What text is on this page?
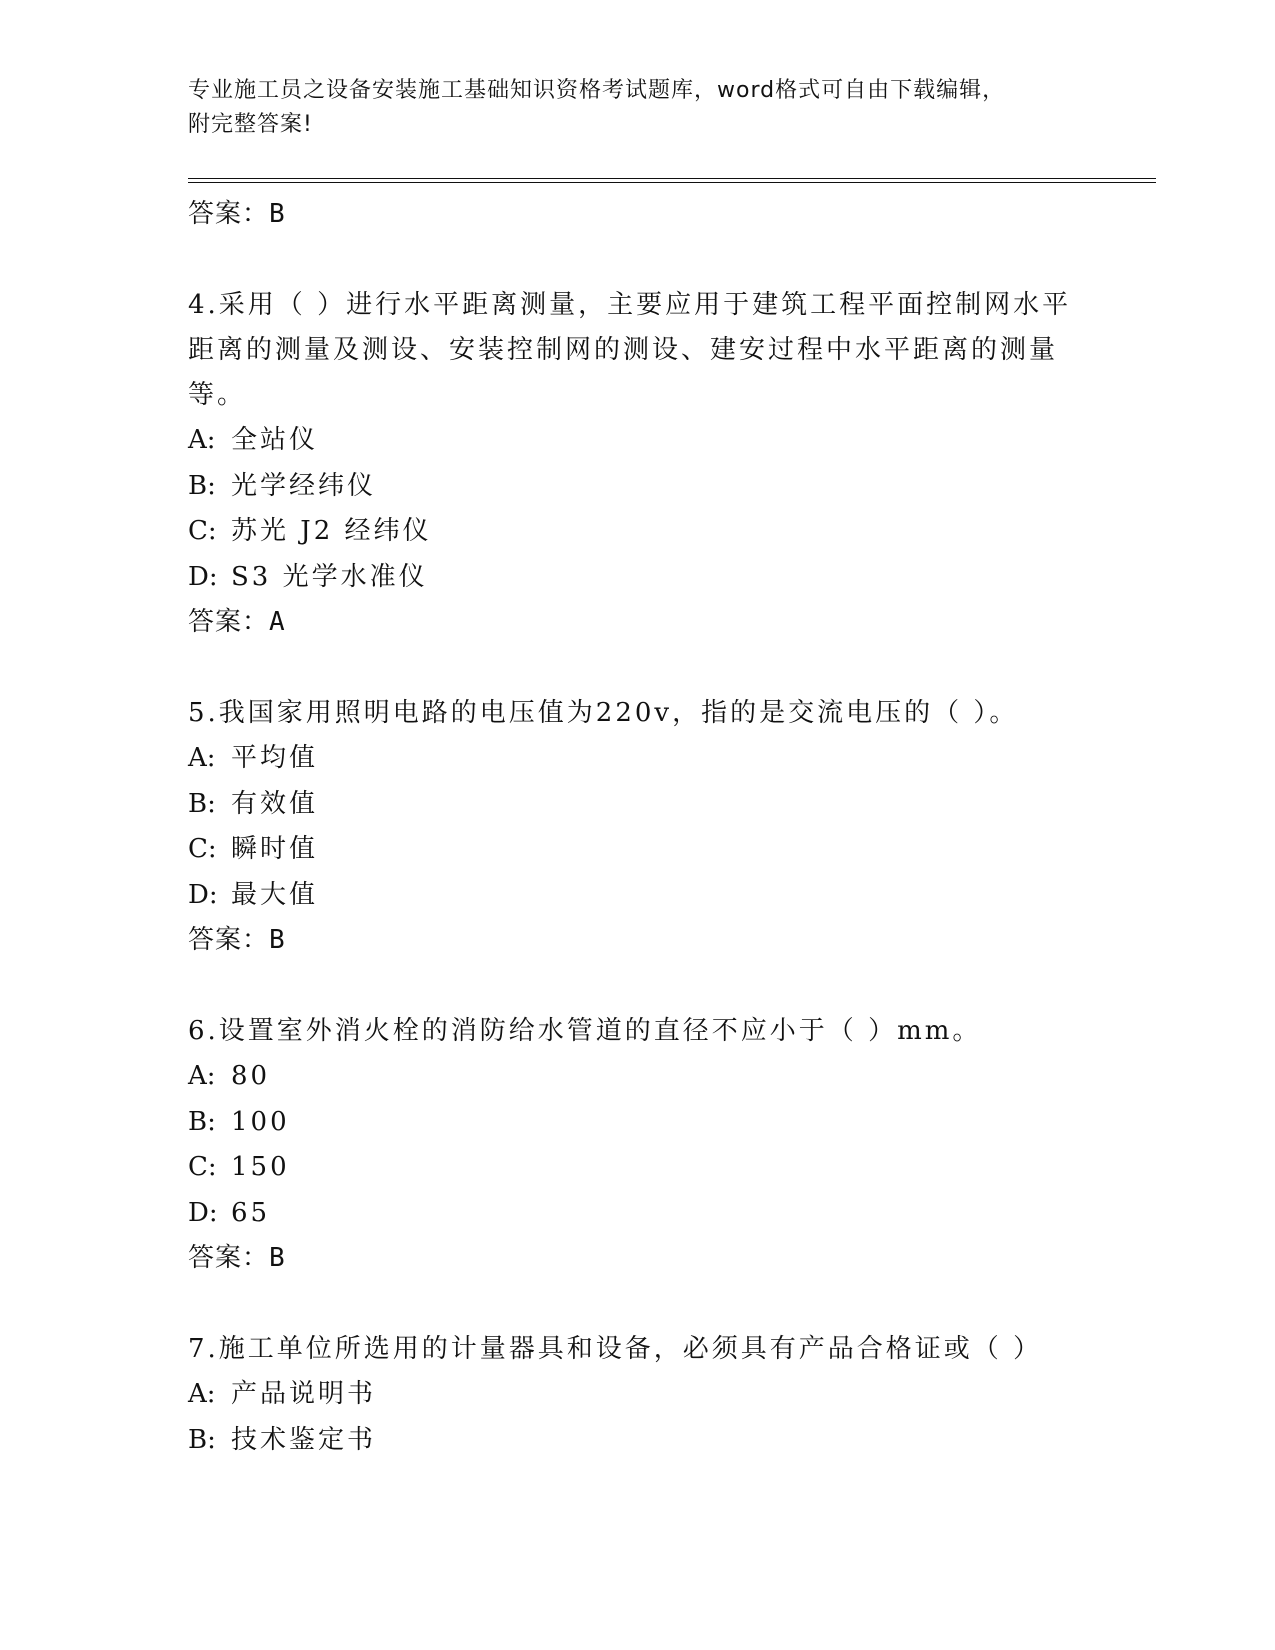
专业施工员之设备安装施工基础知识资格考试题库，word格式可自由下载编辑，
附完整答案!
答案：B
4.采用（ ）进行水平距离测量，主要应用于建筑工程平面控制网水平
距离的测量及测设、安装控制网的测设、建安过程中水平距离的测量
等。
A: 全站仪
B: 光学经纬仪
C: 苏光 J2 经纬仪
D: S3 光学水准仪
答案：A
5.我国家用照明电路的电压值为220v，指的是交流电压的（ ）。
A: 平均值
B: 有效值
C: 瞬时值
D: 最大值
答案：B
6.设置室外消火栓的消防给水管道的直径不应小于（ ）mm。
A: 80
B: 100
C: 150
D: 65
答案：B
7.施工单位所选用的计量器具和设备，必须具有产品合格证或（ ）
A: 产品说明书
B: 技术鉴定书
